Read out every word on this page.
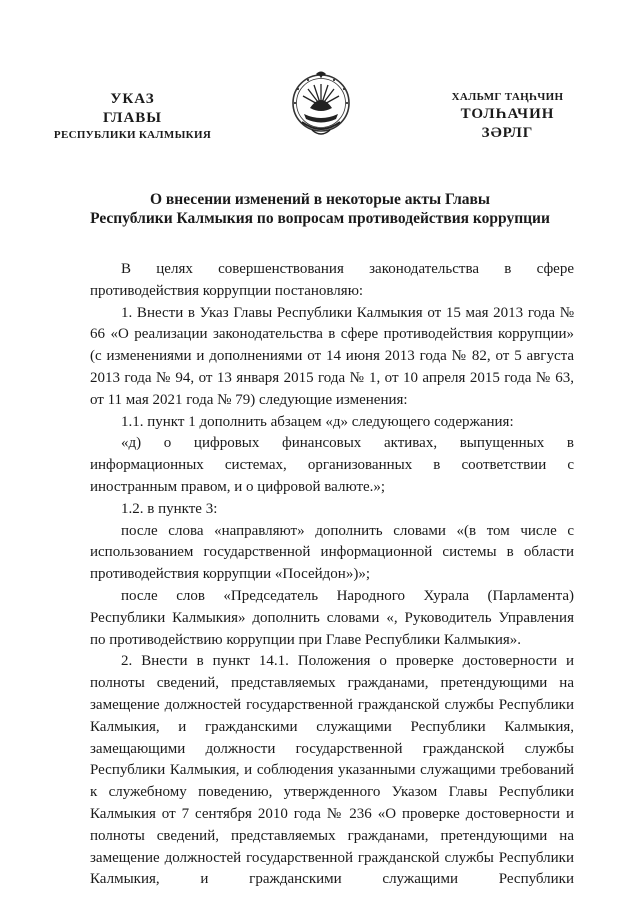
УКАЗ
ГЛАВЫ
РЕСПУБЛИКИ КАЛМЫКИЯ
ХАЛЬМГ ТАҢҺЧИН
ТОЛҺАЧИН
ЗӘРЛГ
О внесении изменений в некоторые акты Главы
Республики Калмыкия по вопросам противодействия коррупции

В целях совершенствования законодательства в сфере противодействия коррупции постановляю:

1. Внести в Указ Главы Республики Калмыкия от 15 мая 2013 года № 66 «О реализации законодательства в сфере противодействия коррупции» (с изменениями и дополнениями от 14 июня 2013 года № 82, от 5 августа 2013 года № 94, от 13 января 2015 года № 1, от 10 апреля 2015 года № 63, от 11 мая 2021 года № 79) следующие изменения:

1.1. пункт 1 дополнить абзацем «д» следующего содержания:

«д) о цифровых финансовых активах, выпущенных в информационных системах, организованных в соответствии с иностранным правом, и о цифровой валюте.»;

1.2. в пункте 3:

после слова «направляют» дополнить словами «(в том числе с использованием государственной информационной системы в области противодействия коррупции «Посейдон»)»;

после слов «Председатель Народного Хурала (Парламента) Республики Калмыкия» дополнить словами «, Руководитель Управления по противодействию коррупции при Главе Республики Калмыкия».

2. Внести в пункт 14.1. Положения о проверке достоверности и полноты сведений, представляемых гражданами, претендующими на замещение должностей государственной гражданской службы Республики Калмыкия, и гражданскими служащими Республики Калмыкия, замещающими должности государственной гражданской службы Республики Калмыкия, и соблюдения указанными служащими требований к служебному поведению, утвержденного Указом Главы Республики Калмыкия от 7 сентября 2010 года № 236 «О проверке достоверности и полноты сведений, представляемых гражданами, претендующими на замещение должностей государственной гражданской службы Республики Калмыкия, и гражданскими служащими Республики
